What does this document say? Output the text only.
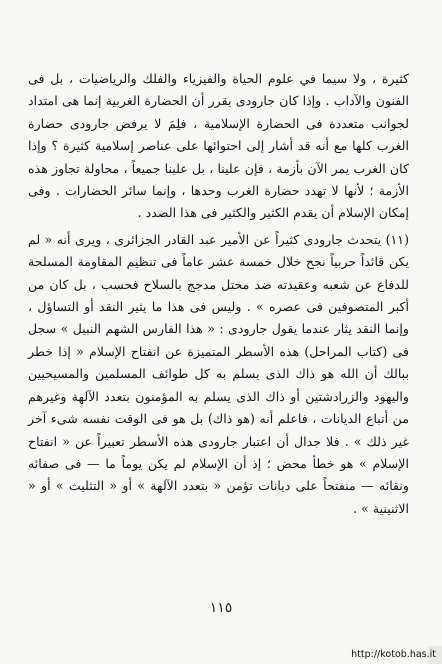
كثيرة ، ولا سيما في علوم الحياة والفيزياء والفلك والرياضيات ، بل فى الفنون والآداب . وإذا كان جارودى يقرر أن الحضارة الغربية إنما هى امتداد لجوانب متعددة فى الحضارة الإسلامية ، فلِمَ لا يرفض جارودى حضارة الغرب كلها مع أنه قد أشار إلى احتوائها على عناصر إسلامية كثيرة ؟ وإذا كان الغرب يمر الآن بأزمة ، فإن علينا ، بل علينا جميعاً ، محاولة تجاوز هذه الأزمة ؛ لأنها لا تهدد حضارة الغرب وحدها ، وإنما سائر الحضارات . وفى إمكان الإسلام أن يقدم الكثير والكثير فى هذا الصدد .

(١١) يتحدث جارودى كثيراً عن الأمير عبد القادر الجزائرى ، ويرى أنه « لم يكن قائداً حربياً نجح خلال خمسة عشر عاماً فى تنظيم المقاومة المسلحة للدفاع عن شعبه وعقيدته ضد محتل مدجج بالسلاح فحسب ، بل كان من أكبر المتصوفين فى عصره » . وليس فى هذا ما يثير النقد أو التساؤل ، وإنما النقد يثار عندما يقول جارودى : « هذا الفارس الشهم النبيل » سجل فى (كتاب المراحل) هذه الأسطر المتميزة عن انفتاح الإسلام « إذا خطر ببالك أن الله هو ذاك الذى يسلم به كل طوائف المسلمين والمسيحيين واليهود والزرادشتين أو ذاك الذى يسلم به المؤمنون بتعدد الآلهة وغيرهم من أتباع الديانات ، فاعلم أنه (هو ذاك) بل هو فى الوقت نفسه شىء آخر غير ذلك » . فلا جدال أن اعتبار جارودى هذه الأسطر تعبيراً عن « انفتاح الإسلام » هو خطأ محض ؛ إذ أن الإسلام لم يكن يوماً ما — فى صفائه ونقائه — منفتحاً على ديانات تؤمن « بتعدد الآلهة » أو « التثليث » أو « الاثنينية » .

١١٥
http://kotob.has.it
